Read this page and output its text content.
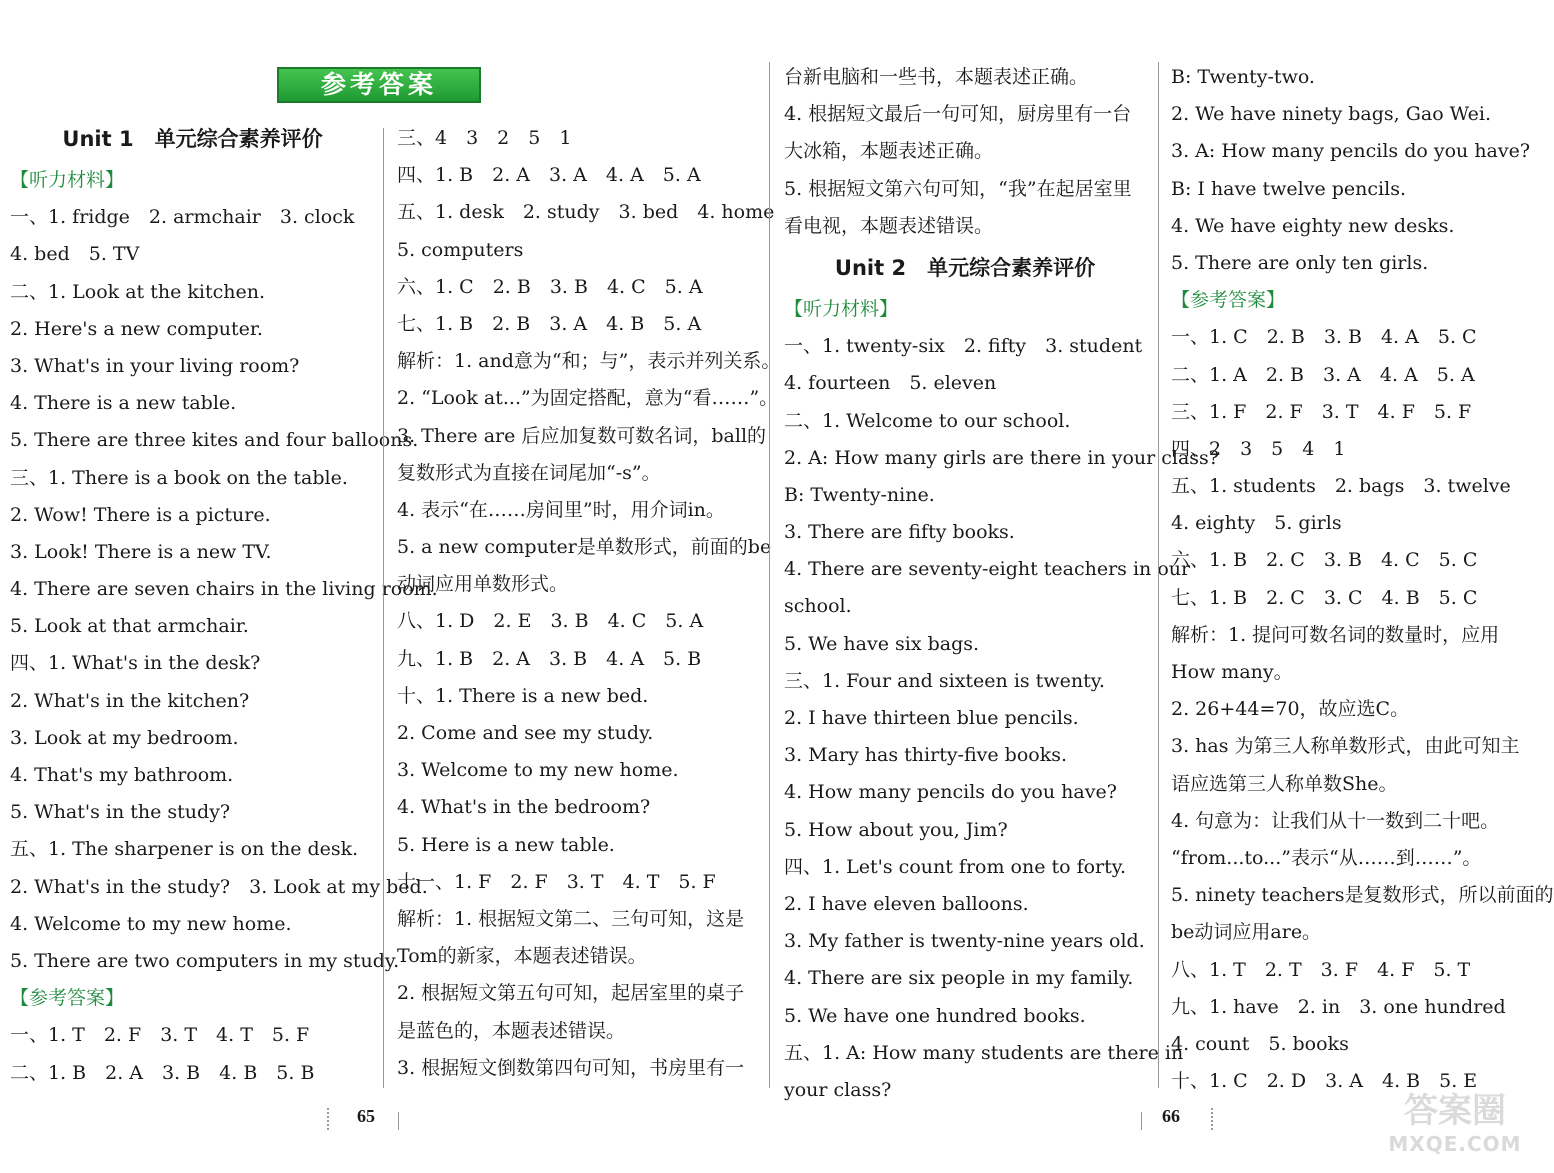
参考答案
Unit 1　单元综合素养评价
【听力材料】
一、1. fridge　2. armchair　3. clock
4. bed　5. TV
二、1. Look at the kitchen.
2. Here's a new computer.
3. What's in your living room?
4. There is a new table.
5. There are three kites and four balloons.
三、1. There is a book on the table.
2. Wow! There is a picture.
3. Look! There is a new TV.
4. There are seven chairs in the living room.
5. Look at that armchair.
四、1. What's in the desk?
2. What's in the kitchen?
3. Look at my bedroom.
4. That's my bathroom.
5. What's in the study?
五、1. The sharpener is on the desk.
2. What's in the study?　3. Look at my bed.
4. Welcome to my new home.
5. There are two computers in my study.
【参考答案】
一、1. T　2. F　3. T　4. T　5. F
二、1. B　2. A　3. B　4. B　5. B
三、4　3　2　5　1
四、1. B　2. A　3. A　4. A　5. A
五、1. desk　2. study　3. bed　4. home
5. computers
六、1. C　2. B　3. B　4. C　5. A
七、1. B　2. B　3. A　4. B　5. A
解析：1. and意为“和；与”，表示并列关系。
2. “Look at...”为固定搭配，意为“看……”。
3. There are 后应加复数可数名词，ball的
复数形式为直接在词尾加“-s”。
4. 表示“在……房间里”时，用介词in。
5. a new computer是单数形式，前面的be
动词应用单数形式。
八、1. D　2. E　3. B　4. C　5. A
九、1. B　2. A　3. B　4. A　5. B
十、1. There is a new bed.
2. Come and see my study.
3. Welcome to my new home.
4. What's in the bedroom?
5. Here is a new table.
十一、1. F　2. F　3. T　4. T　5. F
解析：1. 根据短文第二、三句可知，这是
Tom的新家，本题表述错误。
2. 根据短文第五句可知，起居室里的桌子
是蓝色的，本题表述错误。
3. 根据短文倒数第四句可知，书房里有一
台新电脑和一些书，本题表述正确。
4. 根据短文最后一句可知，厨房里有一台
大冰箱，本题表述正确。
5. 根据短文第六句可知，“我”在起居室里
看电视，本题表述错误。
Unit 2　单元综合素养评价
【听力材料】
一、1. twenty-six　2. fifty　3. student
4. fourteen　5. eleven
二、1. Welcome to our school.
2. A: How many girls are there in your class?
B: Twenty-nine.
3. There are fifty books.
4. There are seventy-eight teachers in our
school.
5. We have six bags.
三、1. Four and sixteen is twenty.
2. I have thirteen blue pencils.
3. Mary has thirty-five books.
4. How many pencils do you have?
5. How about you, Jim?
四、1. Let's count from one to forty.
2. I have eleven balloons.
3. My father is twenty-nine years old.
4. There are six people in my family.
5. We have one hundred books.
五、1. A: How many students are there in
your class?
B: Twenty-two.
2. We have ninety bags, Gao Wei.
3. A: How many pencils do you have?
B: I have twelve pencils.
4. We have eighty new desks.
5. There are only ten girls.
【参考答案】
一、1. C　2. B　3. B　4. A　5. C
二、1. A　2. B　3. A　4. A　5. A
三、1. F　2. F　3. T　4. F　5. F
四、2　3　5　4　1
五、1. students　2. bags　3. twelve
4. eighty　5. girls
六、1. B　2. C　3. B　4. C　5. C
七、1. B　2. C　3. C　4. B　5. C
解析：1. 提问可数名词的数量时，应用
How many。
2. 26+44=70，故应选C。
3. has 为第三人称单数形式，由此可知主
语应选第三人称单数She。
4. 句意为：让我们从十一数到二十吧。
“from...to...”表示“从……到……”。
5. ninety teachers是复数形式，所以前面的
be动词应用are。
八、1. T　2. T　3. F　4. F　5. T
九、1. have　2. in　3. one hundred
4. count　5. books
十、1. C　2. D　3. A　4. B　5. E
65	66	答案圈
MXQE.COM
